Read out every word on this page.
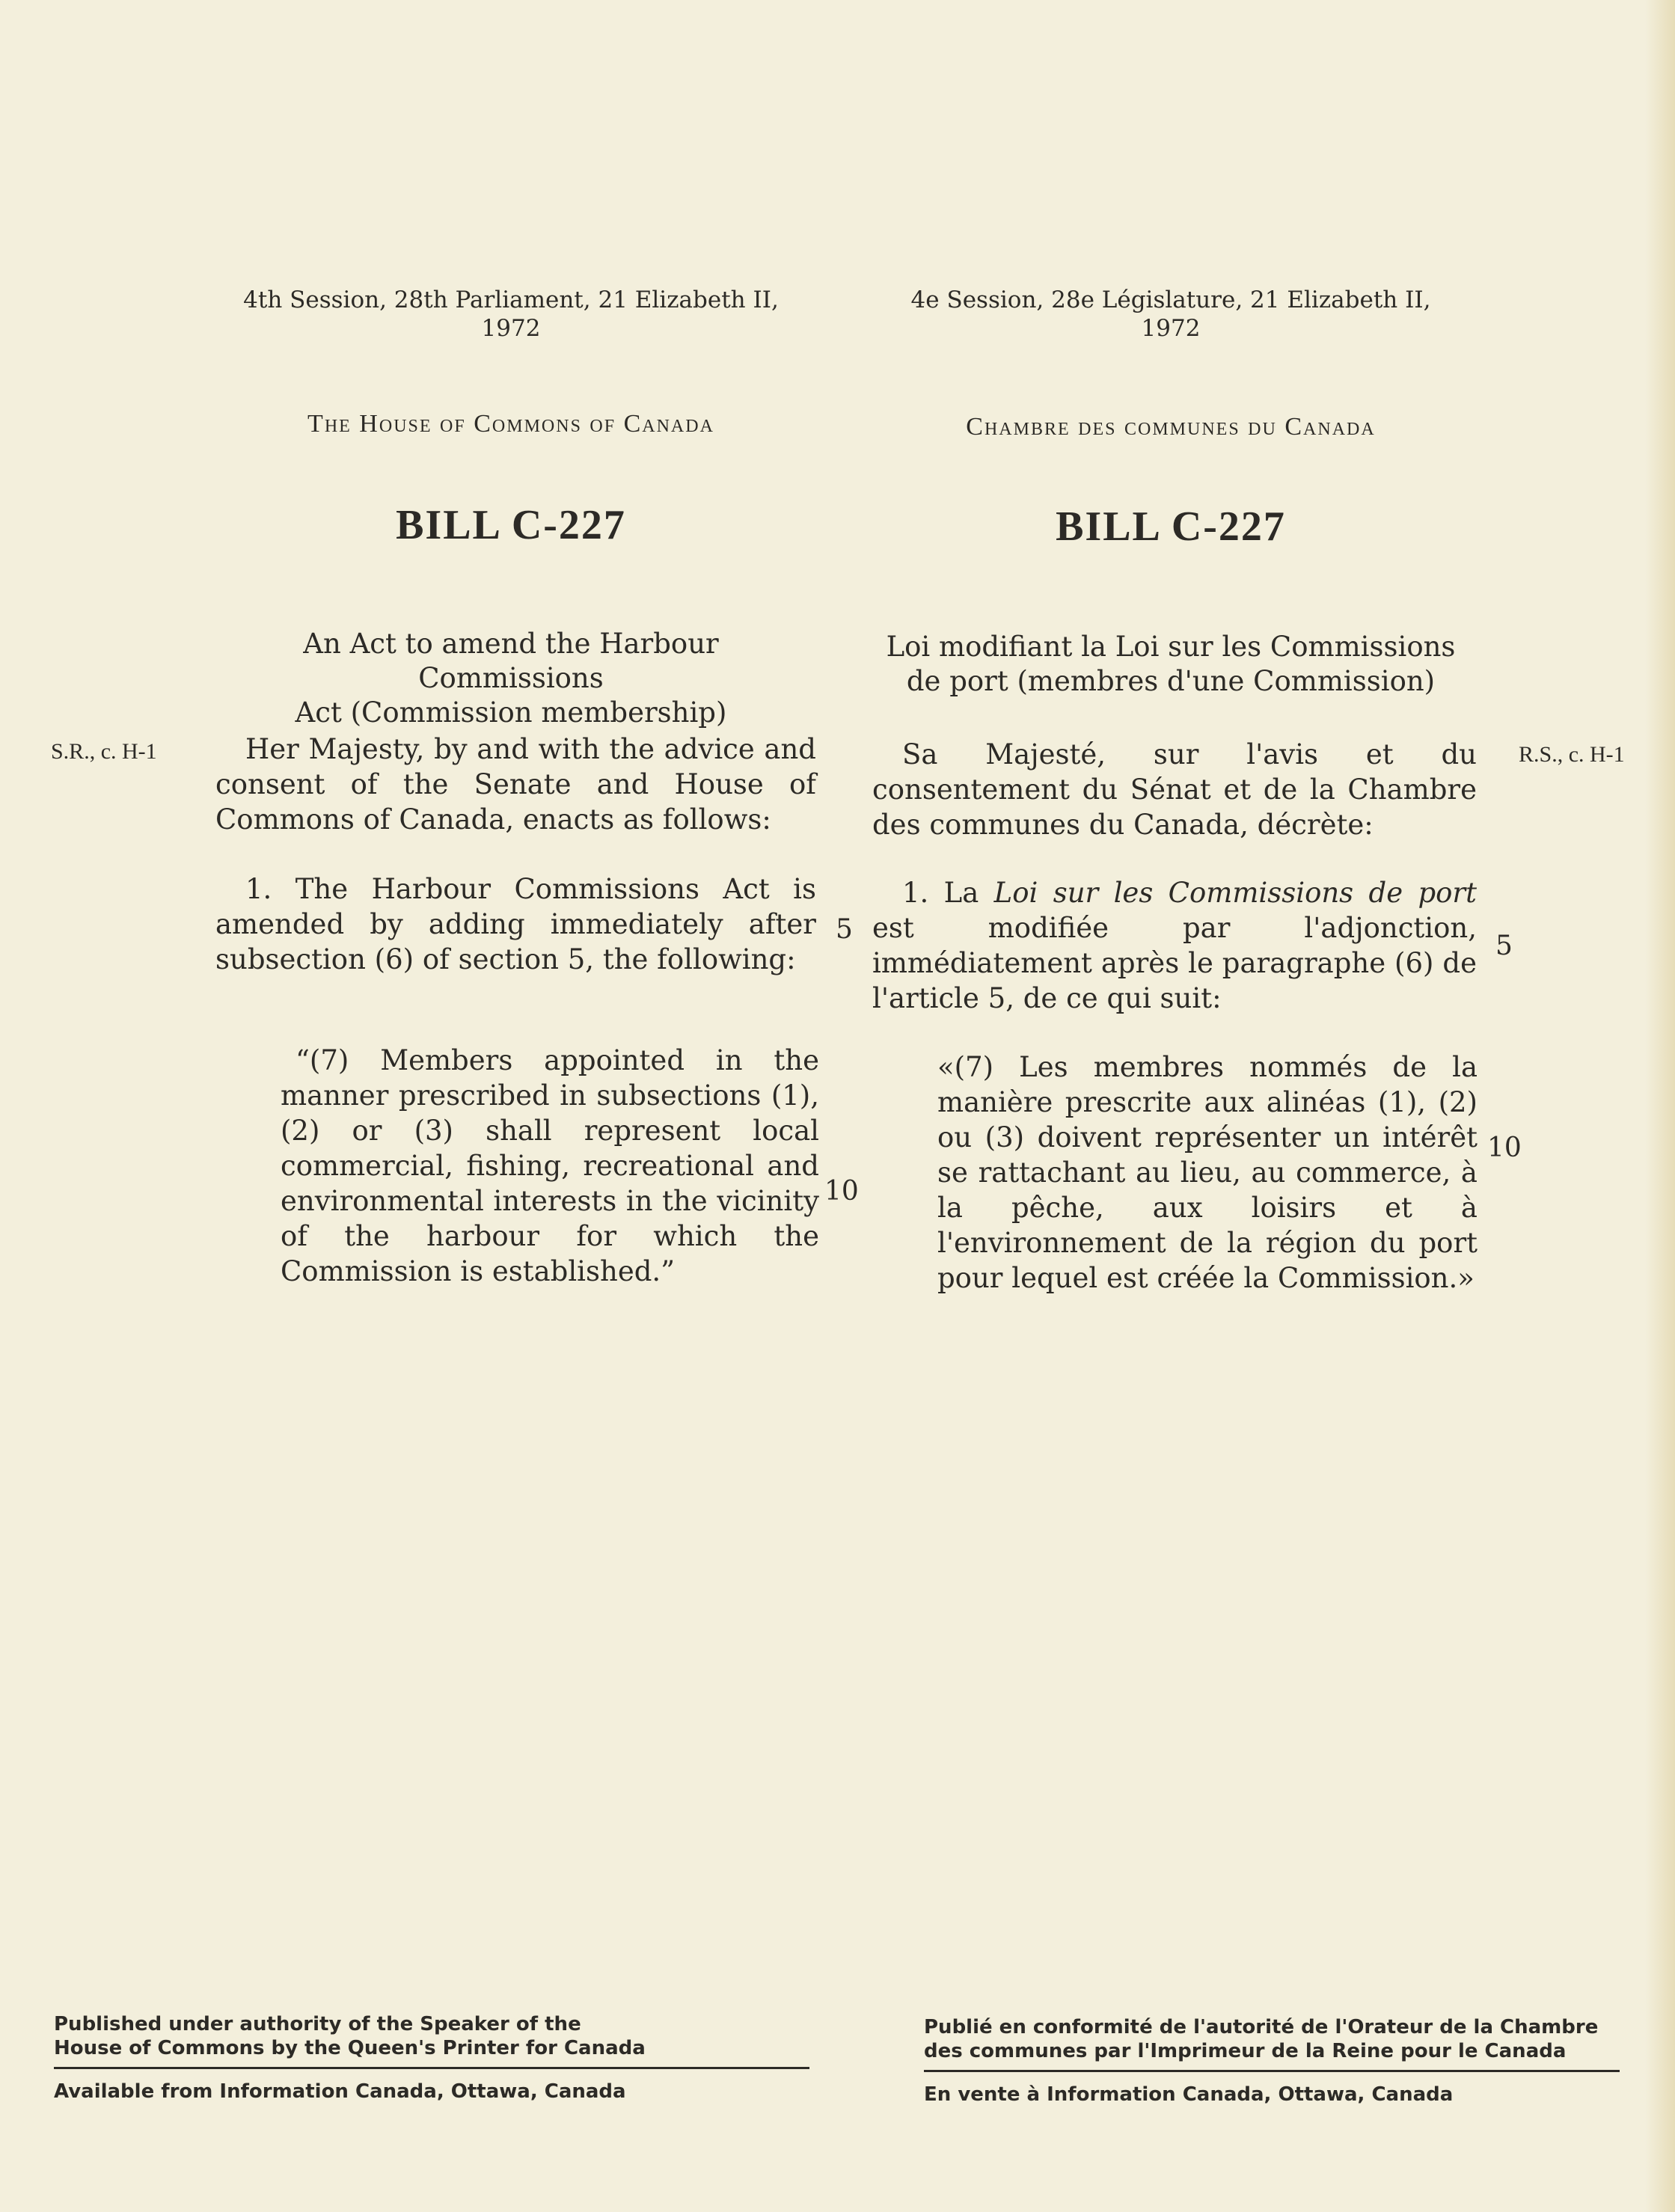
4th Session, 28th Parliament, 21 Elizabeth II,
1972
The House of Commons of Canada
BILL C-227
An Act to amend the Harbour Commissions
Act (Commission membership)
S.R., c. H-1	Her Majesty, by and with the advice and consent of the Senate and House of Commons of Canada, enacts as follows:
1. The Harbour Commissions Act is amended by adding immediately after subsection (6) of section 5, the following:
5
“(7) Members appointed in the manner prescribed in subsections (1), (2) or (3) shall represent local commercial, fishing, recreational and environmental interests in the vicinity of the harbour for which the Commission is established.”
10
4e Session, 28e Législature, 21 Elizabeth II,
1972
Chambre des communes du Canada
BILL C-227
Loi modifiant la Loi sur les Commissions
de port (membres d'une Commission)
Sa Majesté, sur l'avis et du consentement du Sénat et de la Chambre des communes du Canada, décrète:
R.S., c. H-1
1. La Loi sur les Commissions de port est modifiée par l'adjonction, immédiatement après le paragraphe (6) de l'article 5, de ce qui suit:
5
«(7) Les membres nommés de la manière prescrite aux alinéas (1), (2) ou (3) doivent représenter un intérêt se rattachant au lieu, au commerce, à la pêche, aux loisirs et à l'environnement de la région du port pour lequel est créée la Commission.»
10
Published under authority of the Speaker of the
House of Commons by the Queen's Printer for Canada
Available from Information Canada, Ottawa, Canada
Publié en conformité de l'autorité de l'Orateur de la Chambre
des communes par l'Imprimeur de la Reine pour le Canada
En vente à Information Canada, Ottawa, Canada
